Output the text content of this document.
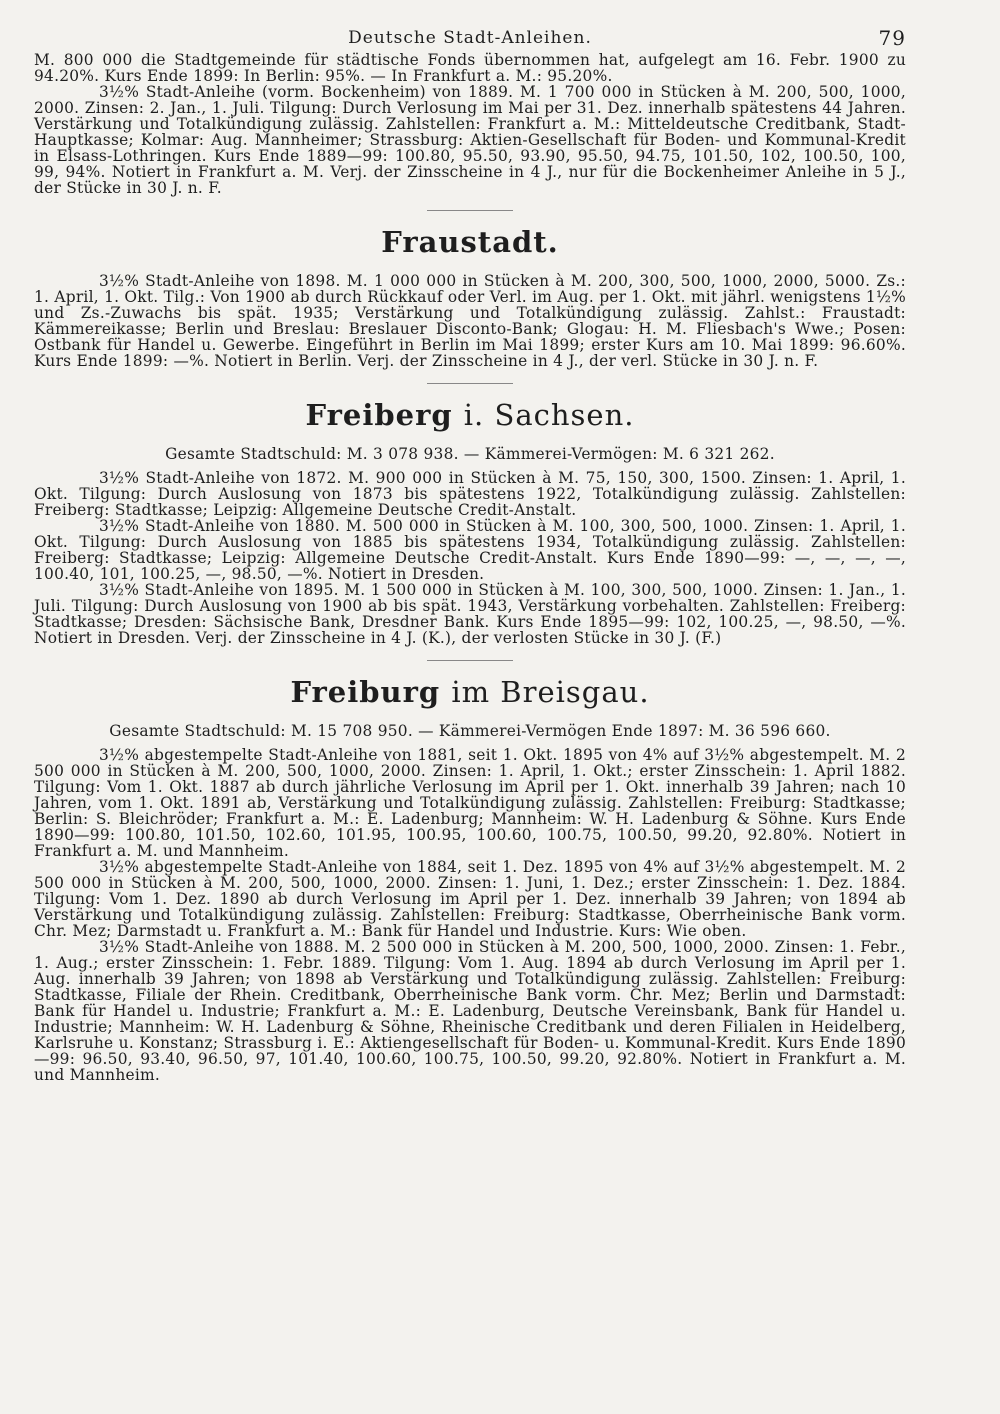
Deutsche Stadt-Anleihen.	79

M. 800 000 die Stadtgemeinde für städtische Fonds übernommen hat, aufgelegt am 16. Febr. 1900 zu 94.20%. Kurs Ende 1899: In Berlin: 95%. — In Frankfurt a. M.: 95.20%.

3½% Stadt-Anleihe (vorm. Bockenheim) von 1889. M. 1 700 000 in Stücken à M. 200, 500, 1000, 2000. Zinsen: 2. Jan., 1. Juli. Tilgung: Durch Verlosung im Mai per 31. Dez. innerhalb spätestens 44 Jahren. Verstärkung und Totalkündigung zulässig. Zahlstellen: Frankfurt a. M.: Mitteldeutsche Creditbank, Stadt-Hauptkasse; Kolmar: Aug. Mannheimer; Strassburg: Aktien-Gesellschaft für Boden- und Kommunal-Kredit in Elsass-Lothringen. Kurs Ende 1889—99: 100.80, 95.50, 93.90, 95.50, 94.75, 101.50, 102, 100.50, 100, 99, 94%. Notiert in Frankfurt a. M. Verj. der Zinsscheine in 4 J., nur für die Bockenheimer Anleihe in 5 J., der Stücke in 30 J. n. F.

Fraustadt.

3½% Stadt-Anleihe von 1898. M. 1 000 000 in Stücken à M. 200, 300, 500, 1000, 2000, 5000. Zs.: 1. April, 1. Okt. Tilg.: Von 1900 ab durch Rückkauf oder Verl. im Aug. per 1. Okt. mit jährl. wenigstens 1½% und Zs.-Zuwachs bis spät. 1935; Verstärkung und Totalkündigung zulässig. Zahlst.: Fraustadt: Kämmereikasse; Berlin und Breslau: Breslauer Disconto-Bank; Glogau: H. M. Fliesbach's Wwe.; Posen: Ostbank für Handel u. Gewerbe. Eingeführt in Berlin im Mai 1899; erster Kurs am 10. Mai 1899: 96.60%. Kurs Ende 1899: —%. Notiert in Berlin. Verj. der Zinsscheine in 4 J., der verl. Stücke in 30 J. n. F.

Freiberg i. Sachsen.

Gesamte Stadtschuld: M. 3 078 938. — Kämmerei-Vermögen: M. 6 321 262.

3½% Stadt-Anleihe von 1872. M. 900 000 in Stücken à M. 75, 150, 300, 1500. Zinsen: 1. April, 1. Okt. Tilgung: Durch Auslosung von 1873 bis spätestens 1922, Totalkündigung zulässig. Zahlstellen: Freiberg: Stadtkasse; Leipzig: Allgemeine Deutsche Credit-Anstalt.

3½% Stadt-Anleihe von 1880. M. 500 000 in Stücken à M. 100, 300, 500, 1000. Zinsen: 1. April, 1. Okt. Tilgung: Durch Auslosung von 1885 bis spätestens 1934, Totalkündigung zulässig. Zahlstellen: Freiberg: Stadtkasse; Leipzig: Allgemeine Deutsche Credit-Anstalt. Kurs Ende 1890—99: —, —, —, —, 100.40, 101, 100.25, —, 98.50, —%. Notiert in Dresden.

3½% Stadt-Anleihe von 1895. M. 1 500 000 in Stücken à M. 100, 300, 500, 1000. Zinsen: 1. Jan., 1. Juli. Tilgung: Durch Auslosung von 1900 ab bis spät. 1943, Verstärkung vorbehalten. Zahlstellen: Freiberg: Stadtkasse; Dresden: Sächsische Bank, Dresdner Bank. Kurs Ende 1895—99: 102, 100.25, —, 98.50, —%. Notiert in Dresden. Verj. der Zinsscheine in 4 J. (K.), der verlosten Stücke in 30 J. (F.)

Freiburg im Breisgau.

Gesamte Stadtschuld: M. 15 708 950. — Kämmerei-Vermögen Ende 1897: M. 36 596 660.

3½% abgestempelte Stadt-Anleihe von 1881, seit 1. Okt. 1895 von 4% auf 3½% abgestempelt. M. 2 500 000 in Stücken à M. 200, 500, 1000, 2000. Zinsen: 1. April, 1. Okt.; erster Zinsschein: 1. April 1882. Tilgung: Vom 1. Okt. 1887 ab durch jährliche Verlosung im April per 1. Okt. innerhalb 39 Jahren; nach 10 Jahren, vom 1. Okt. 1891 ab, Verstärkung und Totalkündigung zulässig. Zahlstellen: Freiburg: Stadtkasse; Berlin: S. Bleichröder; Frankfurt a. M.: E. Ladenburg; Mannheim: W. H. Ladenburg & Söhne. Kurs Ende 1890—99: 100.80, 101.50, 102.60, 101.95, 100.95, 100.60, 100.75, 100.50, 99.20, 92.80%. Notiert in Frankfurt a. M. und Mannheim.

3½% abgestempelte Stadt-Anleihe von 1884, seit 1. Dez. 1895 von 4% auf 3½% abgestempelt. M. 2 500 000 in Stücken à M. 200, 500, 1000, 2000. Zinsen: 1. Juni, 1. Dez.; erster Zinsschein: 1. Dez. 1884. Tilgung: Vom 1. Dez. 1890 ab durch Verlosung im April per 1. Dez. innerhalb 39 Jahren; von 1894 ab Verstärkung und Totalkündigung zulässig. Zahlstellen: Freiburg: Stadtkasse, Oberrheinische Bank vorm. Chr. Mez; Darmstadt u. Frankfurt a. M.: Bank für Handel und Industrie. Kurs: Wie oben.

3½% Stadt-Anleihe von 1888. M. 2 500 000 in Stücken à M. 200, 500, 1000, 2000. Zinsen: 1. Febr., 1. Aug.; erster Zinsschein: 1. Febr. 1889. Tilgung: Vom 1. Aug. 1894 ab durch Verlosung im April per 1. Aug. innerhalb 39 Jahren; von 1898 ab Verstärkung und Totalkündigung zulässig. Zahlstellen: Freiburg: Stadtkasse, Filiale der Rhein. Creditbank, Oberrheinische Bank vorm. Chr. Mez; Berlin und Darmstadt: Bank für Handel u. Industrie; Frankfurt a. M.: E. Ladenburg, Deutsche Vereinsbank, Bank für Handel u. Industrie; Mannheim: W. H. Ladenburg & Söhne, Rheinische Creditbank und deren Filialen in Heidelberg, Karlsruhe u. Konstanz; Strassburg i. E.: Aktiengesellschaft für Boden- u. Kommunal-Kredit. Kurs Ende 1890—99: 96.50, 93.40, 96.50, 97, 101.40, 100.60, 100.75, 100.50, 99.20, 92.80%. Notiert in Frankfurt a. M. und Mannheim.
